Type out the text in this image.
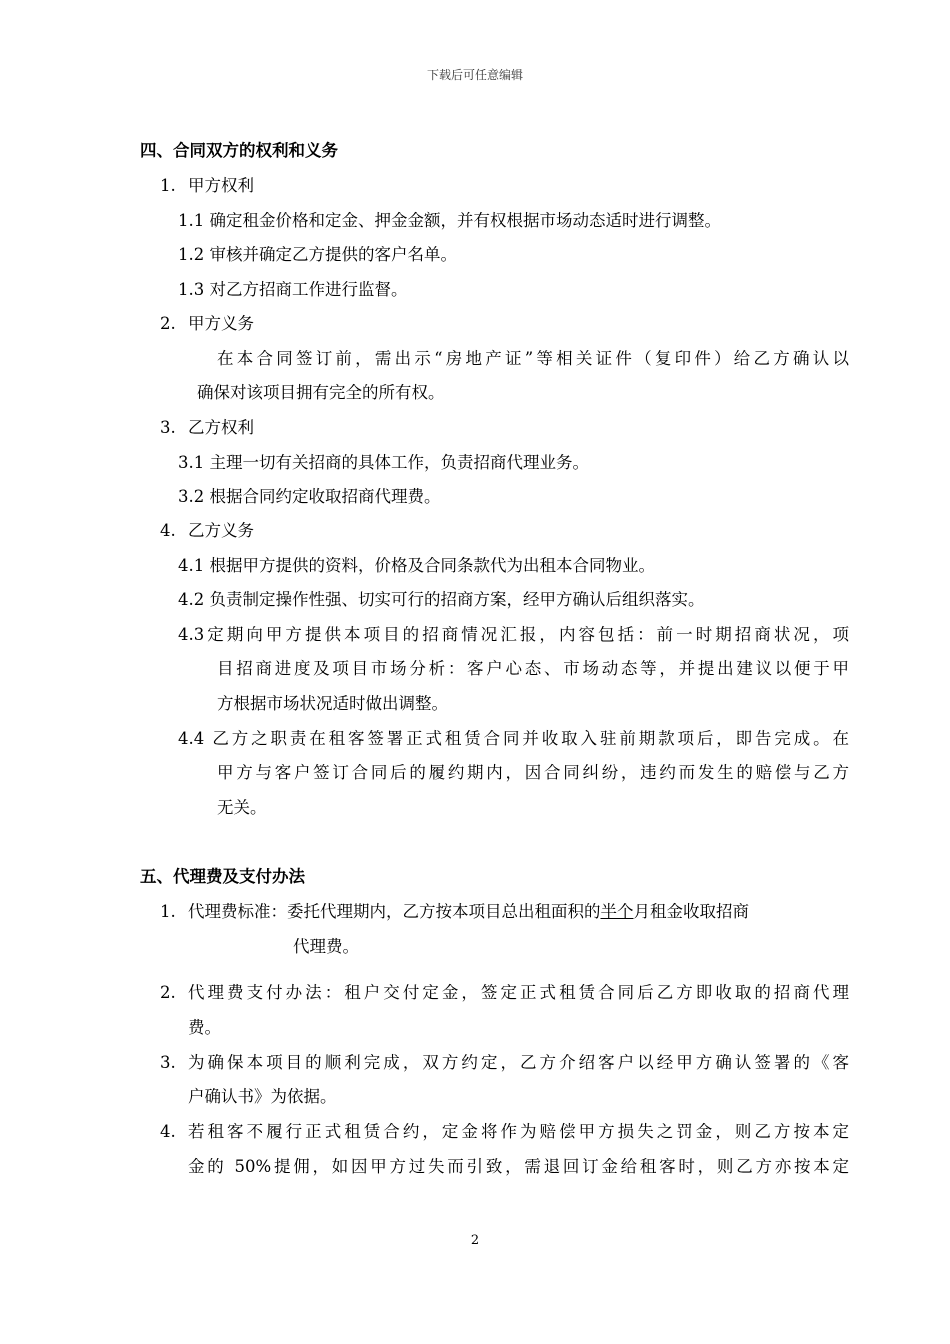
下载后可任意编辑
四、合同双方的权利和义务
1. 甲方权利
1.1 确定租金价格和定金、押金金额，并有权根据市场动态适时进行调整。
1.2 审核并确定乙方提供的客户名单。
1.3 对乙方招商工作进行监督。
2. 甲方义务
在本合同签订前，需出示“房地产证”等相关证件（复印件）给乙方确认以
确保对该项目拥有完全的所有权。
3. 乙方权利
3.1 主理一切有关招商的具体工作，负责招商代理业务。
3.2 根据合同约定收取招商代理费。
4. 乙方义务
4.1 根据甲方提供的资料，价格及合同条款代为出租本合同物业。
4.2 负责制定操作性强、切实可行的招商方案，经甲方确认后组织落实。
4.3定期向甲方提供本项目的招商情况汇报，内容包括：前一时期招商状况，项
目招商进度及项目市场分析：客户心态、市场动态等，并提出建议以便于甲
方根据市场状况适时做出调整。
4.4 乙方之职责在租客签署正式租赁合同并收取入驻前期款项后，即告完成。在
甲方与客户签订合同后的履约期内，因合同纠纷，违约而发生的赔偿与乙方
无关。
五、代理费及支付办法
1. 代理费标准：委托代理期内，乙方按本项目总出租面积的 半个 月租金收取招商
代理费。
2. 代理费支付办法：租户交付定金，签定正式租赁合同后乙方即收取的招商代理
费。
3. 为确保本项目的顺利完成，双方约定，乙方介绍客户以经甲方确认签署的《客
户确认书》为依据。
4. 若租客不履行正式租赁合约，定金将作为赔偿甲方损失之罚金，则乙方按本定
金的 50%提佣，如因甲方过失而引致，需退回订金给租客时，则乙方亦按本定
2
